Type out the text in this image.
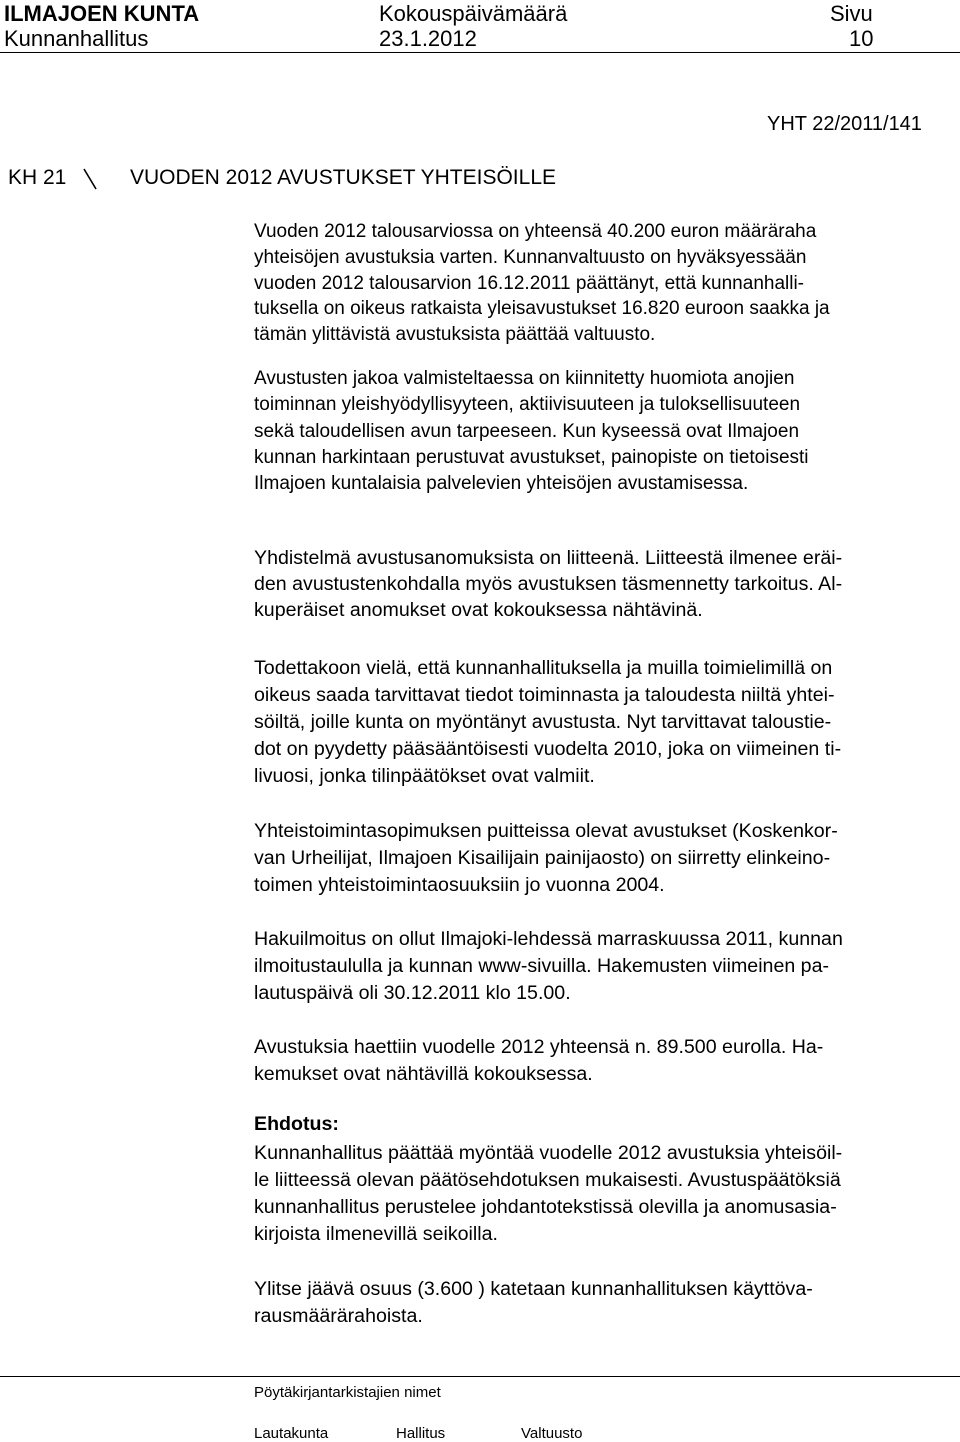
ILMAJOEN KUNTA
Kunnanhallitus
Kokouspäivämäärä
23.1.2012
Sivu
10
YHT 22/2011/141
KH 21	VUODEN 2012 AVUSTUKSET YHTEISÖILLE

Vuoden 2012 talousarviossa on yhteensä 40.200 euron määräraha
yhteisöjen avustuksia varten. Kunnanvaltuusto on hyväksyessään
vuoden 2012 talousarvion 16.12.2011 päättänyt, että kunnanhalli-
tuksella on oikeus ratkaista yleisavustukset 16.820 euroon saakka ja
tämän ylittävistä avustuksista päättää valtuusto.

Avustusten jakoa valmisteltaessa on kiinnitetty huomiota anojien
toiminnan yleishyödyllisyyteen, aktiivisuuteen ja tuloksellisuuteen
sekä taloudellisen avun tarpeeseen. Kun kyseessä ovat Ilmajoen
kunnan harkintaan perustuvat avustukset, painopiste on tietoisesti
Ilmajoen kuntalaisia palvelevien yhteisöjen avustamisessa.

Yhdistelmä avustusanomuksista on liitteenä. Liitteestä ilmenee eräi-
den avustustenkohdalla myös avustuksen täsmennetty tarkoitus. Al-
kuperäiset anomukset ovat kokouksessa nähtävinä.

Todettakoon vielä, että kunnanhallituksella ja muilla toimielimillä on
oikeus saada tarvittavat tiedot toiminnasta ja taloudesta niiltä yhtei-
söiltä, joille kunta on myöntänyt avustusta. Nyt tarvittavat taloustie-
dot on pyydetty pääsääntöisesti vuodelta 2010, joka on viimeinen ti-
livuosi, jonka tilinpäätökset ovat valmiit.

Yhteistoimintasopimuksen puitteissa olevat avustukset (Koskenkor-
van Urheilijat, Ilmajoen Kisailijain painijaosto) on siirretty elinkeino-
toimen yhteistoimintaosuuksiin jo vuonna 2004.

Hakuilmoitus on ollut Ilmajoki-lehdessä marraskuussa 2011, kunnan
ilmoitustaululla ja kunnan www-sivuilla. Hakemusten viimeinen pa-
lautuspäivä oli 30.12.2011 klo 15.00.

Avustuksia haettiin vuodelle 2012 yhteensä n. 89.500 eurolla. Ha-
kemukset ovat nähtävillä kokouksessa.

Ehdotus:

Kunnanhallitus päättää myöntää vuodelle 2012 avustuksia yhteisöil-
le liitteessä olevan päätösehdotuksen mukaisesti. Avustuspäätöksiä
kunnanhallitus perustelee johdantotekstissä olevilla ja anomusasia-
kirjoista ilmenevillä seikoilla.

Ylitse jäävä osuus (3.600 ) katetaan kunnanhallituksen käyttöva-
rausmäärärahoista.

Pöytäkirjantarkistajien nimet
Lautakunta	Hallitus	Valtuusto
